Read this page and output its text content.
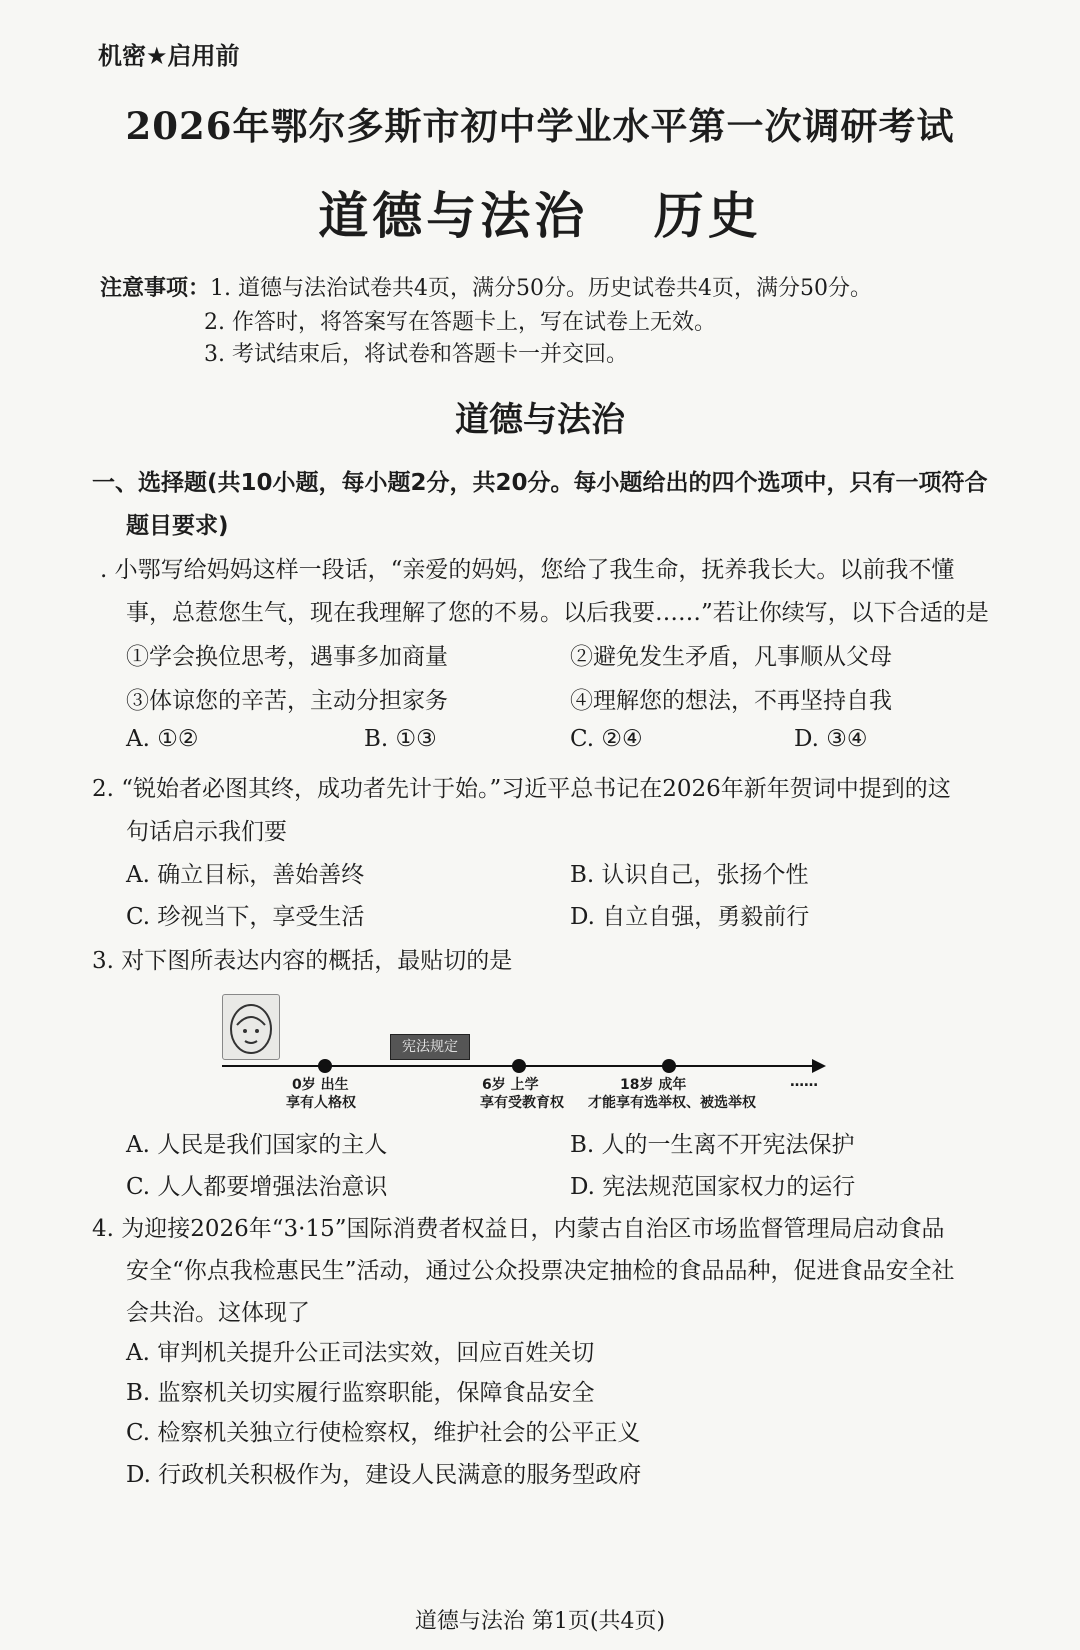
机密★启用前
2026年鄂尔多斯市初中学业水平第一次调研考试
道德与法治 历史
注意事项：1. 道德与法治试卷共4页，满分50分。历史试卷共4页，满分50分。
2. 作答时，将答案写在答题卡上，写在试卷上无效。
3. 考试结束后，将试卷和答题卡一并交回。
道德与法治
一、选择题(共10小题，每小题2分，共20分。每小题给出的四个选项中，只有一项符合
题目要求)
. 小鄂写给妈妈这样一段话，“亲爱的妈妈，您给了我生命，抚养我长大。以前我不懂
事，总惹您生气，现在我理解了您的不易。以后我要……”若让你续写，以下合适的是
①学会换位思考，遇事多加商量	②避免发生矛盾，凡事顺从父母
③体谅您的辛苦，主动分担家务	④理解您的想法，不再坚持自我
A. ①②	B. ①③	C. ②④	D. ③④
2. “锐始者必图其终，成功者先计于始。”习近平总书记在2026年新年贺词中提到的这
句话启示我们要
A. 确立目标，善始善终	B. 认识自己，张扬个性
C. 珍视当下，享受生活	D. 自立自强，勇毅前行
3. 对下图所表达内容的概括，最贴切的是
宪法规定
0岁 出生
享有人格权
6岁 上学
享有受教育权
18岁 成年
才能享有选举权、被选举权
……
A. 人民是我们国家的主人	B. 人的一生离不开宪法保护
C. 人人都要增强法治意识	D. 宪法规范国家权力的运行
4. 为迎接2026年“3·15”国际消费者权益日，内蒙古自治区市场监督管理局启动食品
安全“你点我检惠民生”活动，通过公众投票决定抽检的食品品种，促进食品安全社
会共治。这体现了
A. 审判机关提升公正司法实效，回应百姓关切
B. 监察机关切实履行监察职能，保障食品安全
C. 检察机关独立行使检察权，维护社会的公平正义
D. 行政机关积极作为，建设人民满意的服务型政府
道德与法治 第1页(共4页)
